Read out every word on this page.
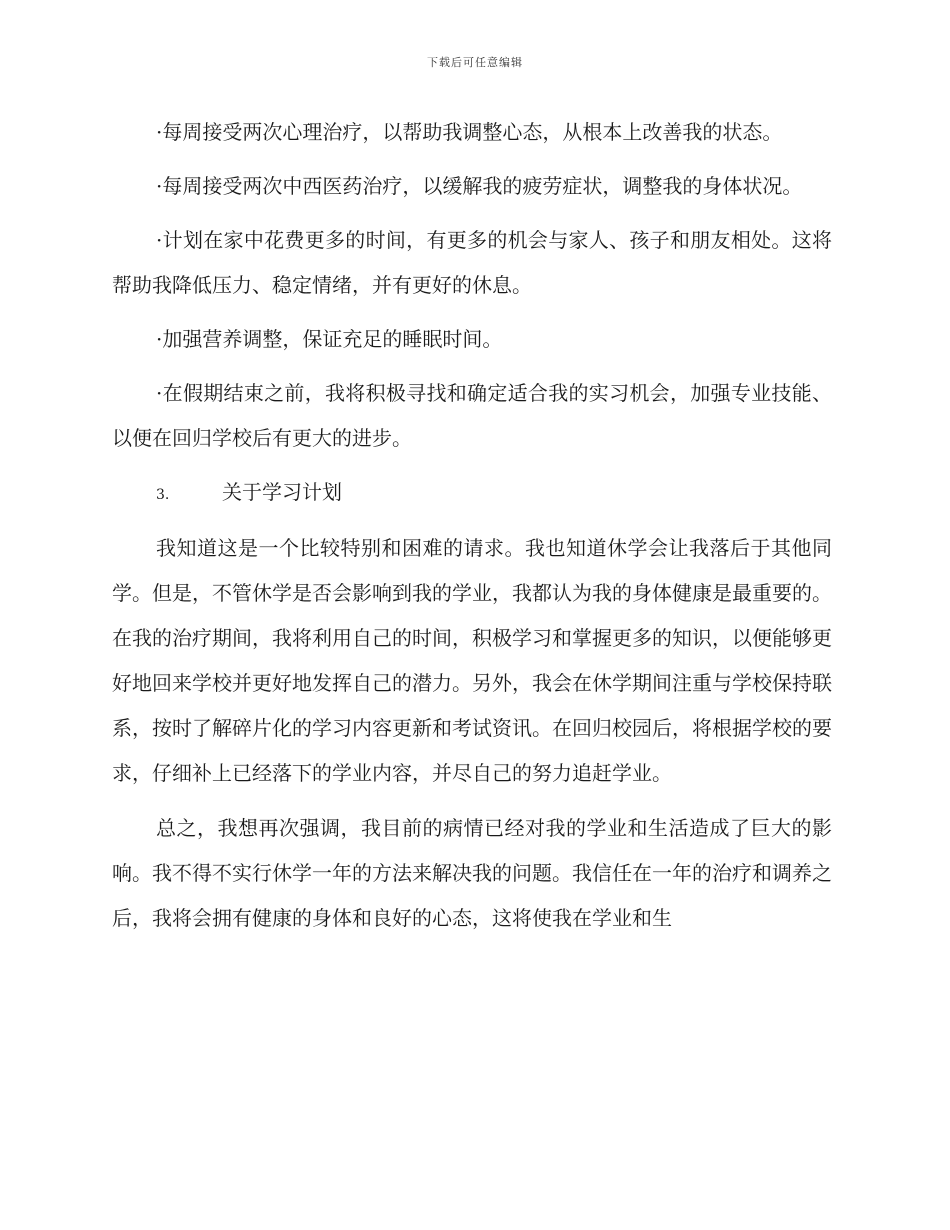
下载后可任意编辑

·每周接受两次心理治疗，以帮助我调整心态，从根本上改善我的状态。

·每周接受两次中西医药治疗，以缓解我的疲劳症状，调整我的身体状况。

·计划在家中花费更多的时间，有更多的机会与家人、孩子和朋友相处。这将帮助我降低压力、稳定情绪，并有更好的休息。

·加强营养调整，保证充足的睡眠时间。

·在假期结束之前，我将积极寻找和确定适合我的实习机会，加强专业技能、以便在回归学校后有更大的进步。

3.	关于学习计划

我知道这是一个比较特别和困难的请求。我也知道休学会让我落后于其他同学。但是，不管休学是否会影响到我的学业，我都认为我的身体健康是最重要的。在我的治疗期间，我将利用自己的时间，积极学习和掌握更多的知识，以便能够更好地回来学校并更好地发挥自己的潜力。另外，我会在休学期间注重与学校保持联系，按时了解碎片化的学习内容更新和考试资讯。在回归校园后，将根据学校的要求，仔细补上已经落下的学业内容，并尽自己的努力追赶学业。

总之，我想再次强调，我目前的病情已经对我的学业和生活造成了巨大的影响。我不得不实行休学一年的方法来解决我的问题。我信任在一年的治疗和调养之后，我将会拥有健康的身体和良好的心态，这将使我在学业和生
